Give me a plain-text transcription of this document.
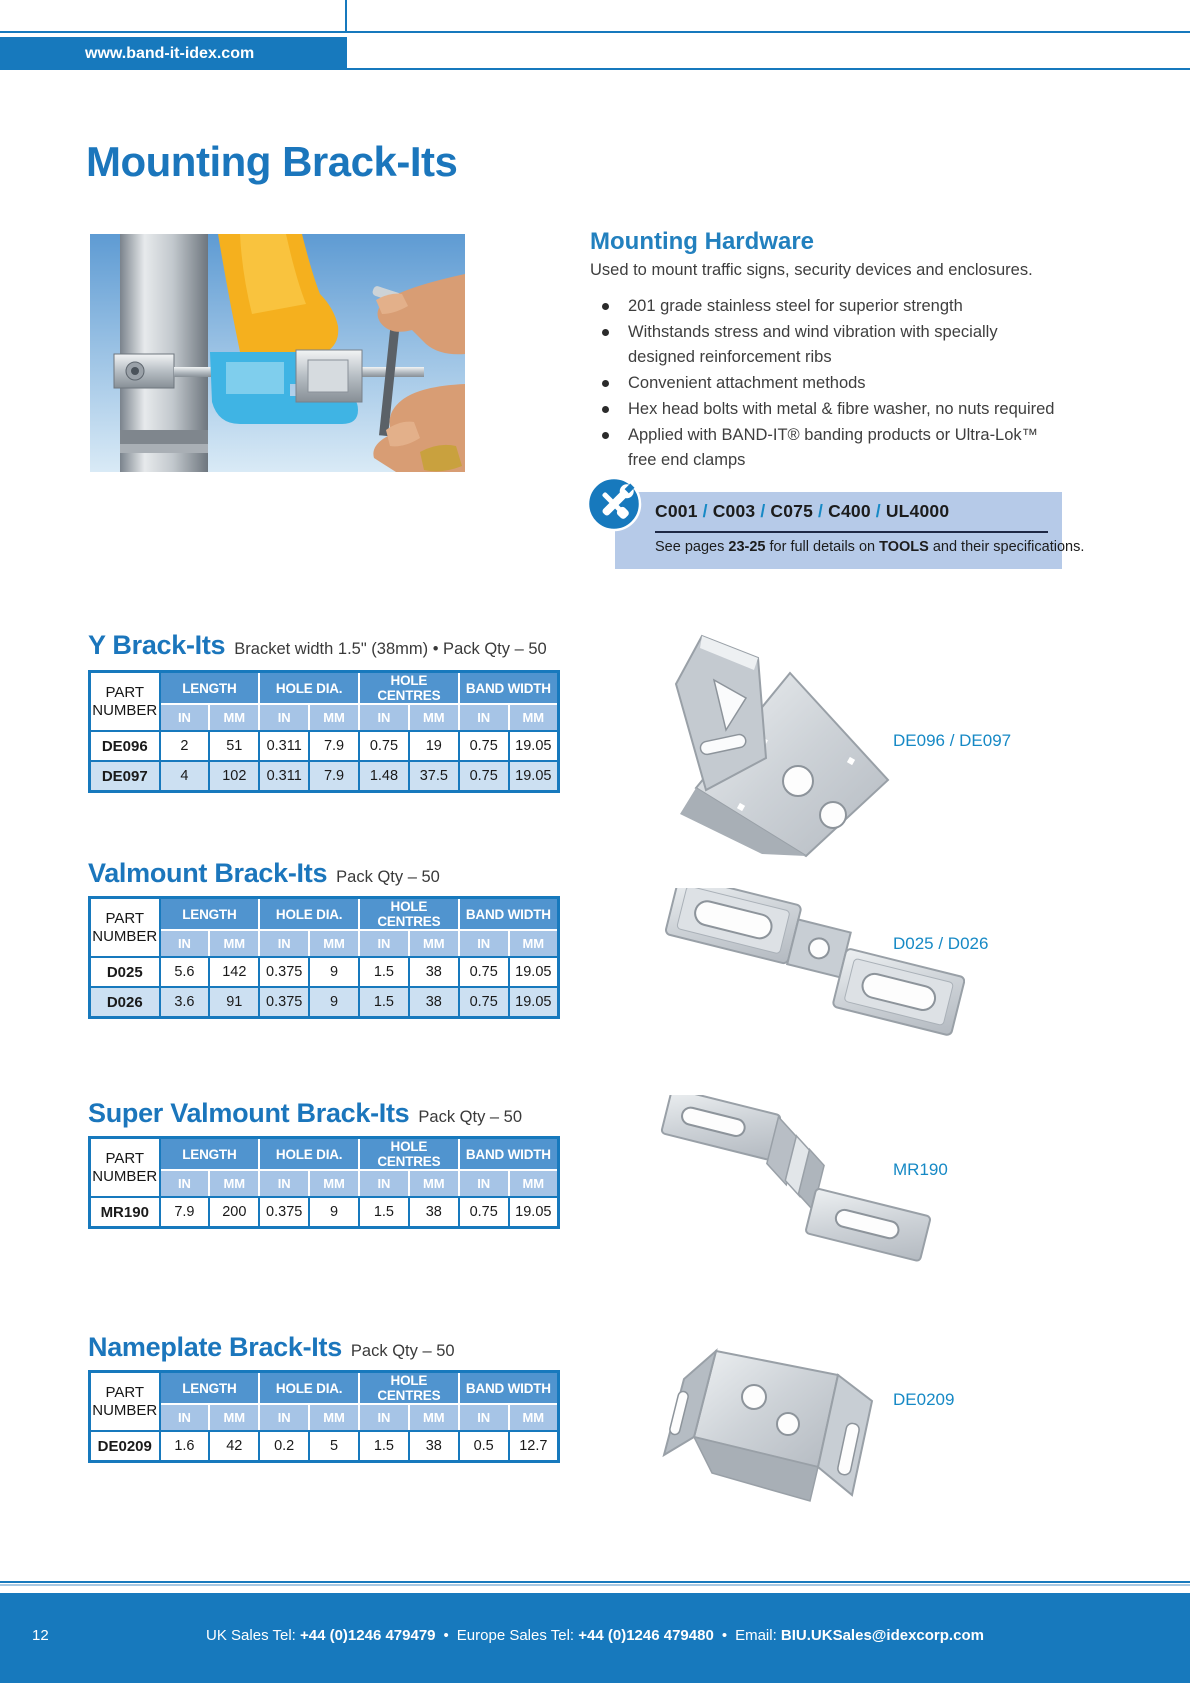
www.band-it-idex.com
Mounting Brack-Its
Mounting Hardware

Used to mount traffic signs, security devices and enclosures.

201 grade stainless steel for superior strength
Withstands stress and wind vibration with specially designed reinforcement ribs
Convenient attachment methods
Hex head bolts with metal & fibre washer, no nuts required
Applied with BAND-IT® banding products or Ultra-Lok™ free end clamps
C001 / C003 / C075 / C400 / UL4000
See pages 23-25 for full details on TOOLS and their specifications.

Y Brack-Its Bracket width 1.5" (38mm) • Pack Qty – 50

PART NUMBER	LENGTH		HOLE DIA.		HOLE CENTRES		BAND WIDTH	
	IN	MM	IN	MM	IN	MM	IN	MM
DE096	2	51	0.311	7.9	0.75	19	0.75	19.05
DE097	4	102	0.311	7.9	1.48	37.5	0.75	19.05

Valmount Brack-Its Pack Qty – 50

PART NUMBER	LENGTH		HOLE DIA.		HOLE CENTRES		BAND WIDTH	
	IN	MM	IN	MM	IN	MM	IN	MM
D025	5.6	142	0.375	9	1.5	38	0.75	19.05
D026	3.6	91	0.375	9	1.5	38	0.75	19.05

Super Valmount Brack-Its Pack Qty – 50

PART NUMBER	LENGTH		HOLE DIA.		HOLE CENTRES		BAND WIDTH	
	IN	MM	IN	MM	IN	MM	IN	MM
MR190	7.9	200	0.375	9	1.5	38	0.75	19.05

Nameplate Brack-Its Pack Qty – 50

PART NUMBER	LENGTH		HOLE DIA.		HOLE CENTRES		BAND WIDTH	
	IN	MM	IN	MM	IN	MM	IN	MM
DE0209	1.6	42	0.2	5	1.5	38	0.5	12.7
DE096 / DE097
D025 / D026
MR190
DE0209
12	UK Sales Tel: +44 (0)1246 479479 • Europe Sales Tel: +44 (0)1246 479480 • Email: BIU.UKSales@idexcorp.com
